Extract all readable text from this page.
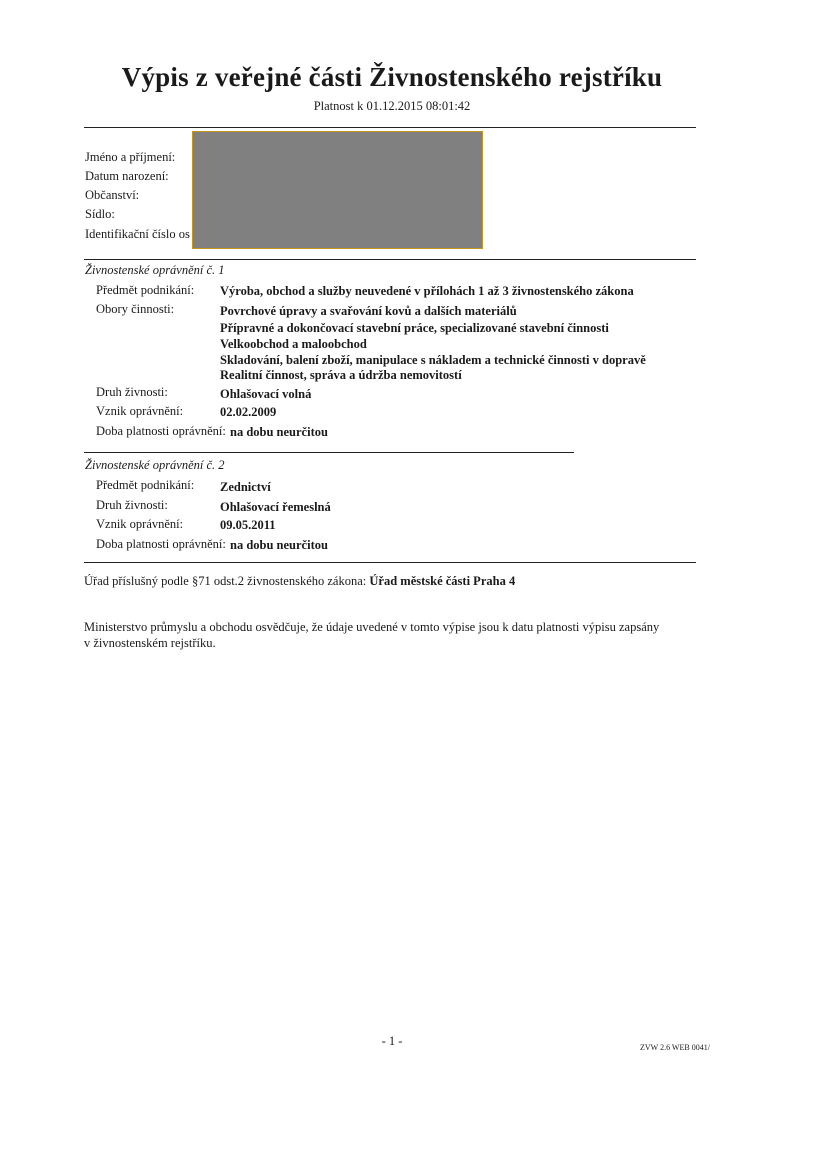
Výpis z veřejné části Živnostenského rejstříku
Platnost k 01.12.2015 08:01:42
Jméno a příjmení:
Datum narození:
Občanství:
Sídlo:
Identifikační číslo os
Živnostenské oprávnění č. 1
Předmět podnikání: Výroba, obchod a služby neuvedené v přílohách 1 až 3 živnostenského zákona
Obory činnosti:	Povrchové úpravy a svařování kovů a dalších materiálů
Přípravné a dokončovací stavební práce, specializované stavební činnosti
Velkoobchod a maloobchod
Skladování, balení zboží, manipulace s nákladem a technické činnosti v dopravě
Realitní činnost, správa a údržba nemovitostí
Druh živnosti:	Ohlašovací volná
Vznik oprávnění:	02.02.2009
Doba platnosti oprávnění: na dobu neurčitou
Živnostenské oprávnění č. 2
Předmět podnikání: Zednictví
Druh živnosti:	Ohlašovací řemeslná
Vznik oprávnění:	09.05.2011
Doba platnosti oprávnění: na dobu neurčitou
Úřad příslušný podle §71 odst.2 živnostenského zákona: Úřad městské části Praha 4
Ministerstvo průmyslu a obchodu osvědčuje, že údaje uvedené v tomto výpise jsou k datu platnosti výpisu zapsány
v živnostenském rejstříku.
- 1 -	ZVW 2.6 WEB 0041/
